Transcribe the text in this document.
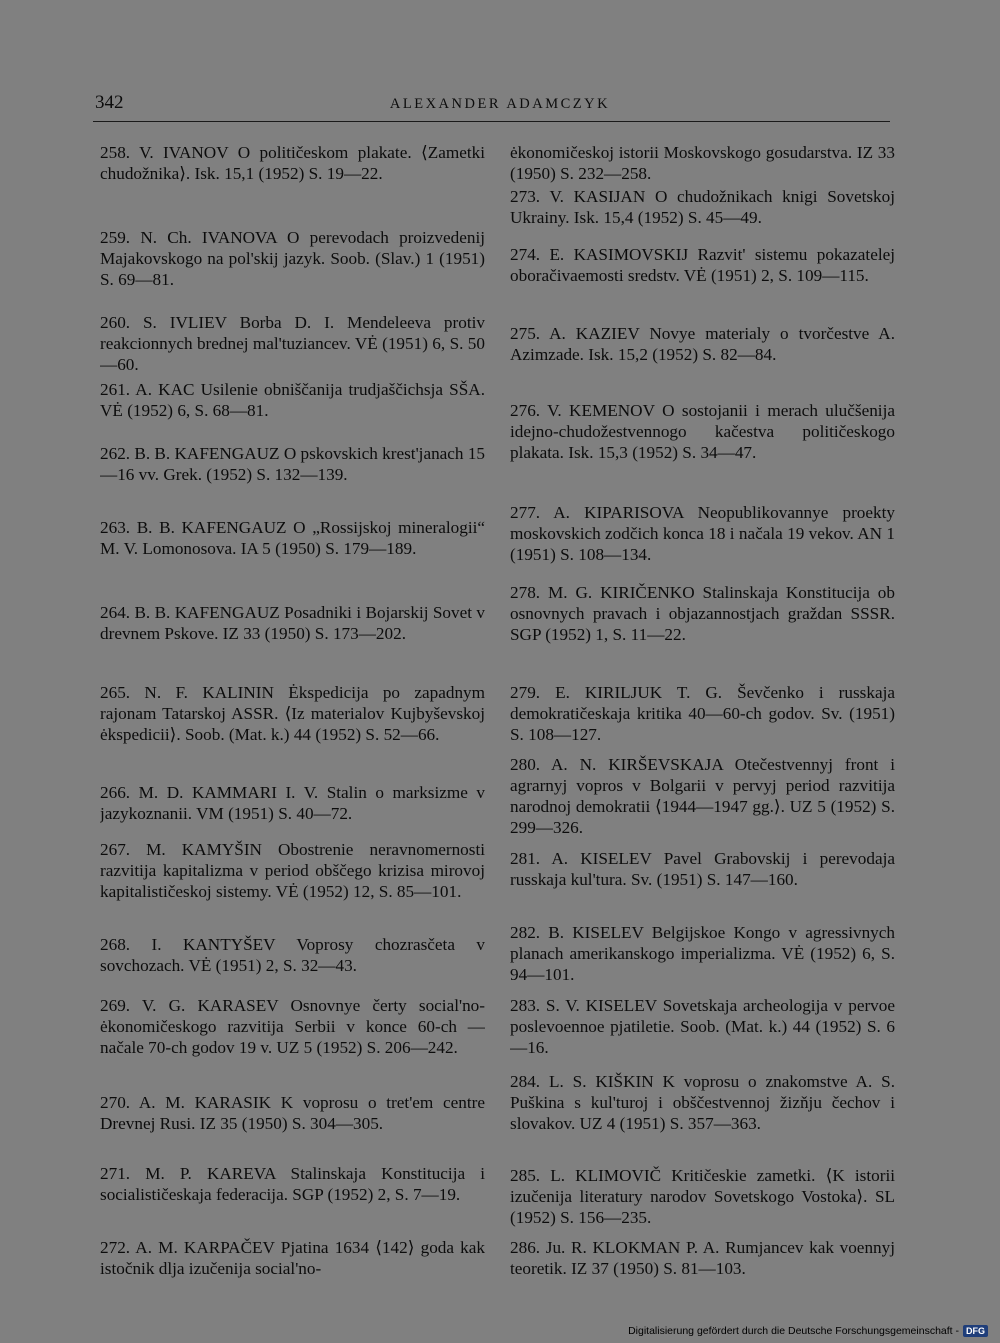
342	ALEXANDER ADAMCZYK

258. V. IVANOV O političeskom plakate. ⟨Zametki chudožnika⟩. Isk. 15,1 (1952) S. 19—22.

259. N. Ch. IVANOVA O perevodach proizvedenij Majakovskogo na pol'skij jazyk. Soob. (Slav.) 1 (1951) S. 69—81.

260. S. IVLIEV Borba D. I. Mendeleeva protiv reakcionnych brednej mal'tuziancev. VĖ (1951) 6, S. 50—60.

261. A. KAC Usilenie obniščanija trudjaščichsja SŠA. VĖ (1952) 6, S. 68—81.

262. B. B. KAFENGAUZ O pskovskich krest'janach 15—16 vv. Grek. (1952) S. 132—139.

263. B. B. KAFENGAUZ O „Rossijskoj mineralogii“ M. V. Lomonosova. IA 5 (1950) S. 179—189.

264. B. B. KAFENGAUZ Posadniki i Bojarskij Sovet v drevnem Pskove. IZ 33 (1950) S. 173—202.

265. N. F. KALININ Ėkspedicija po zapadnym rajonam Tatarskoj ASSR. ⟨Iz materialov Kujbyševskoj ėkspedicii⟩. Soob. (Mat. k.) 44 (1952) S. 52—66.

266. M. D. KAMMARI I. V. Stalin o marksizme v jazykoznanii. VM (1951) S. 40—72.

267. M. KAMYŠIN Obostrenie neravnomernosti razvitija kapitalizma v period obščego krizisa mirovoj kapitalističeskoj sistemy. VĖ (1952) 12, S. 85—101.

268. I. KANTYŠEV Voprosy chozrasčeta v sovchozach. VĖ (1951) 2, S. 32—43.

269. V. G. KARASEV Osnovnye čerty social'no-ėkonomičeskogo razvitija Serbii v konce 60-ch — načale 70-ch godov 19 v. UZ 5 (1952) S. 206—242.

270. A. M. KARASIK K voprosu o tret'em centre Drevnej Rusi. IZ 35 (1950) S. 304—305.

271. M. P. KAREVA Stalinskaja Konstitucija i socialističeskaja federacija. SGP (1952) 2, S. 7—19.

272. A. M. KARPAČEV Pjatina 1634 ⟨142⟩ goda kak istočnik dlja izučenija social'no-

ėkonomičeskoj istorii Moskovskogo gosudarstva. IZ 33 (1950) S. 232—258.

273. V. KASIJAN O chudožnikach knigi Sovetskoj Ukrainy. Isk. 15,4 (1952) S. 45—49.

274. E. KASIMOVSKIJ Razvit' sistemu pokazatelej oboračivaemosti sredstv. VĖ (1951) 2, S. 109—115.

275. A. KAZIEV Novye materialy o tvorčestve A. Azimzade. Isk. 15,2 (1952) S. 82—84.

276. V. KEMENOV O sostojanii i merach ulučšenija idejno-chudožestvennogo kačestva političeskogo plakata. Isk. 15,3 (1952) S. 34—47.

277. A. KIPARISOVA Neopublikovannye proekty moskovskich zodčich konca 18 i načala 19 vekov. AN 1 (1951) S. 108—134.

278. M. G. KIRIČENKO Stalinskaja Konstitucija ob osnovnych pravach i objazannostjach graždan SSSR. SGP (1952) 1, S. 11—22.

279. E. KIRILJUK T. G. Ševčenko i russkaja demokratičeskaja kritika 40—60-ch godov. Sv. (1951) S. 108—127.

280. A. N. KIRŠEVSKAJA Otečestvennyj front i agrarnyj vopros v Bolgarii v pervyj period razvitija narodnoj demokratii ⟨1944—1947 gg.⟩. UZ 5 (1952) S. 299—326.

281. A. KISELEV Pavel Grabovskij i perevodaja russkaja kul'tura. Sv. (1951) S. 147—160.

282. B. KISELEV Belgijskoe Kongo v agressivnych planach amerikanskogo imperializma. VĖ (1952) 6, S. 94—101.

283. S. V. KISELEV Sovetskaja archeologija v pervoe poslevoennoe pjatiletie. Soob. (Mat. k.) 44 (1952) S. 6—16.

284. L. S. KIŠKIN K voprosu o znakomstve A. S. Puškina s kul'turoj i obščestvennoj žizňju čechov i slovakov. UZ 4 (1951) S. 357—363.

285. L. KLIMOVIČ Kritičeskie zametki. ⟨K istorii izučenija literatury narodov Sovetskogo Vostoka⟩. SL (1952) S. 156—235.

286. Ju. R. KLOKMAN P. A. Rumjancev kak voennyj teoretik. IZ 37 (1950) S. 81—103.

Digitalisierung gefördert durch die Deutsche Forschungsgemeinschaft - DFG
